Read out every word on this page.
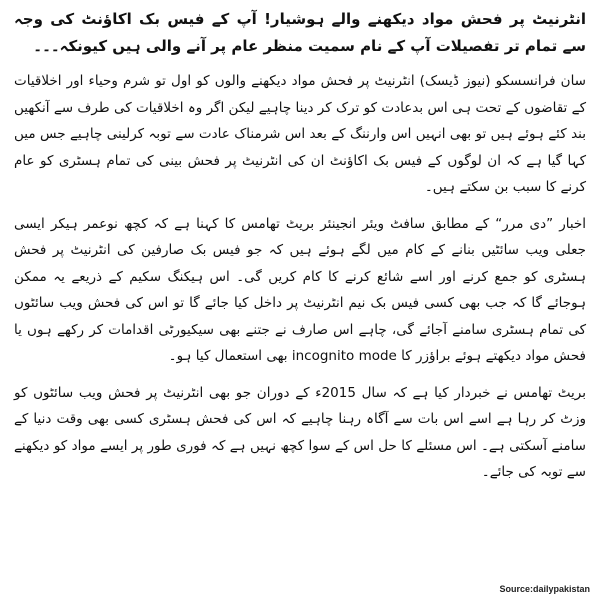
انٹرنیٹ پر فحش مواد دیکھنے والے ہوشیار! آپ کے فیس بک اکاؤنٹ کی وجہ سے تمام تر تفصیلات آپ کے نام سمیت منظر عام پر آنے والی ہیں کیونکہ۔۔۔

سان فرانسسکو (نیوز ڈیسک) انٹرنیٹ پر فحش مواد دیکھنے والوں کو اول تو شرم وحیاء اور اخلاقیات کے تقاضوں کے تحت ہی اس بدعادت کو ترک کر دینا چاہیے لیکن اگر وہ اخلاقیات کی طرف سے آنکھیں بند کئے ہوئے ہیں تو بھی انہیں اس وارننگ کے بعد اس شرمناک عادت سے توبہ کرلینی چاہیے جس میں کہا گیا ہے کہ ان لوگوں کے فیس بک اکاؤنٹ ان کی انٹرنیٹ پر فحش بینی کی تمام ہسٹری کو عام کرنے کا سبب بن سکتے ہیں۔

اخبار ”دی مرر“ کے مطابق سافٹ ویئر انجینئر بریٹ تھامس کا کہنا ہے کہ کچھ نوعمر ہیکر ایسی جعلی ویب سائٹیں بنانے کے کام میں لگے ہوئے ہیں کہ جو فیس بک صارفین کی انٹرنیٹ پر فحش ہسٹری کو جمع کرنے اور اسے شائع کرنے کا کام کریں گی۔ اس ہیکنگ سکیم کے ذریعے یہ ممکن ہوجائے گا کہ جب بھی کسی فیس بک نیم انٹرنیٹ پر داخل کیا جائے گا تو اس کی فحش ویب سائٹوں کی تمام ہسٹری سامنے آجائے گی، چاہے اس صارف نے جتنے بھی سیکیورٹی اقدامات کر رکھے ہوں یا فحش مواد دیکھتے ہوئے براؤزر کا incognito mode بھی استعمال کیا ہو۔

بریٹ تھامس نے خبردار کیا ہے کہ سال 2015ء کے دوران جو بھی انٹرنیٹ پر فحش ویب سائٹوں کو وزٹ کر رہا ہے اسے اس بات سے آگاہ رہنا چاہیے کہ اس کی فحش ہسٹری کسی بھی وقت دنیا کے سامنے آسکتی ہے۔ اس مسئلے کا حل اس کے سوا کچھ نہیں ہے کہ فوری طور پر ایسے مواد کو دیکھنے سے توبہ کی جائے۔

Source:dailypakistan
